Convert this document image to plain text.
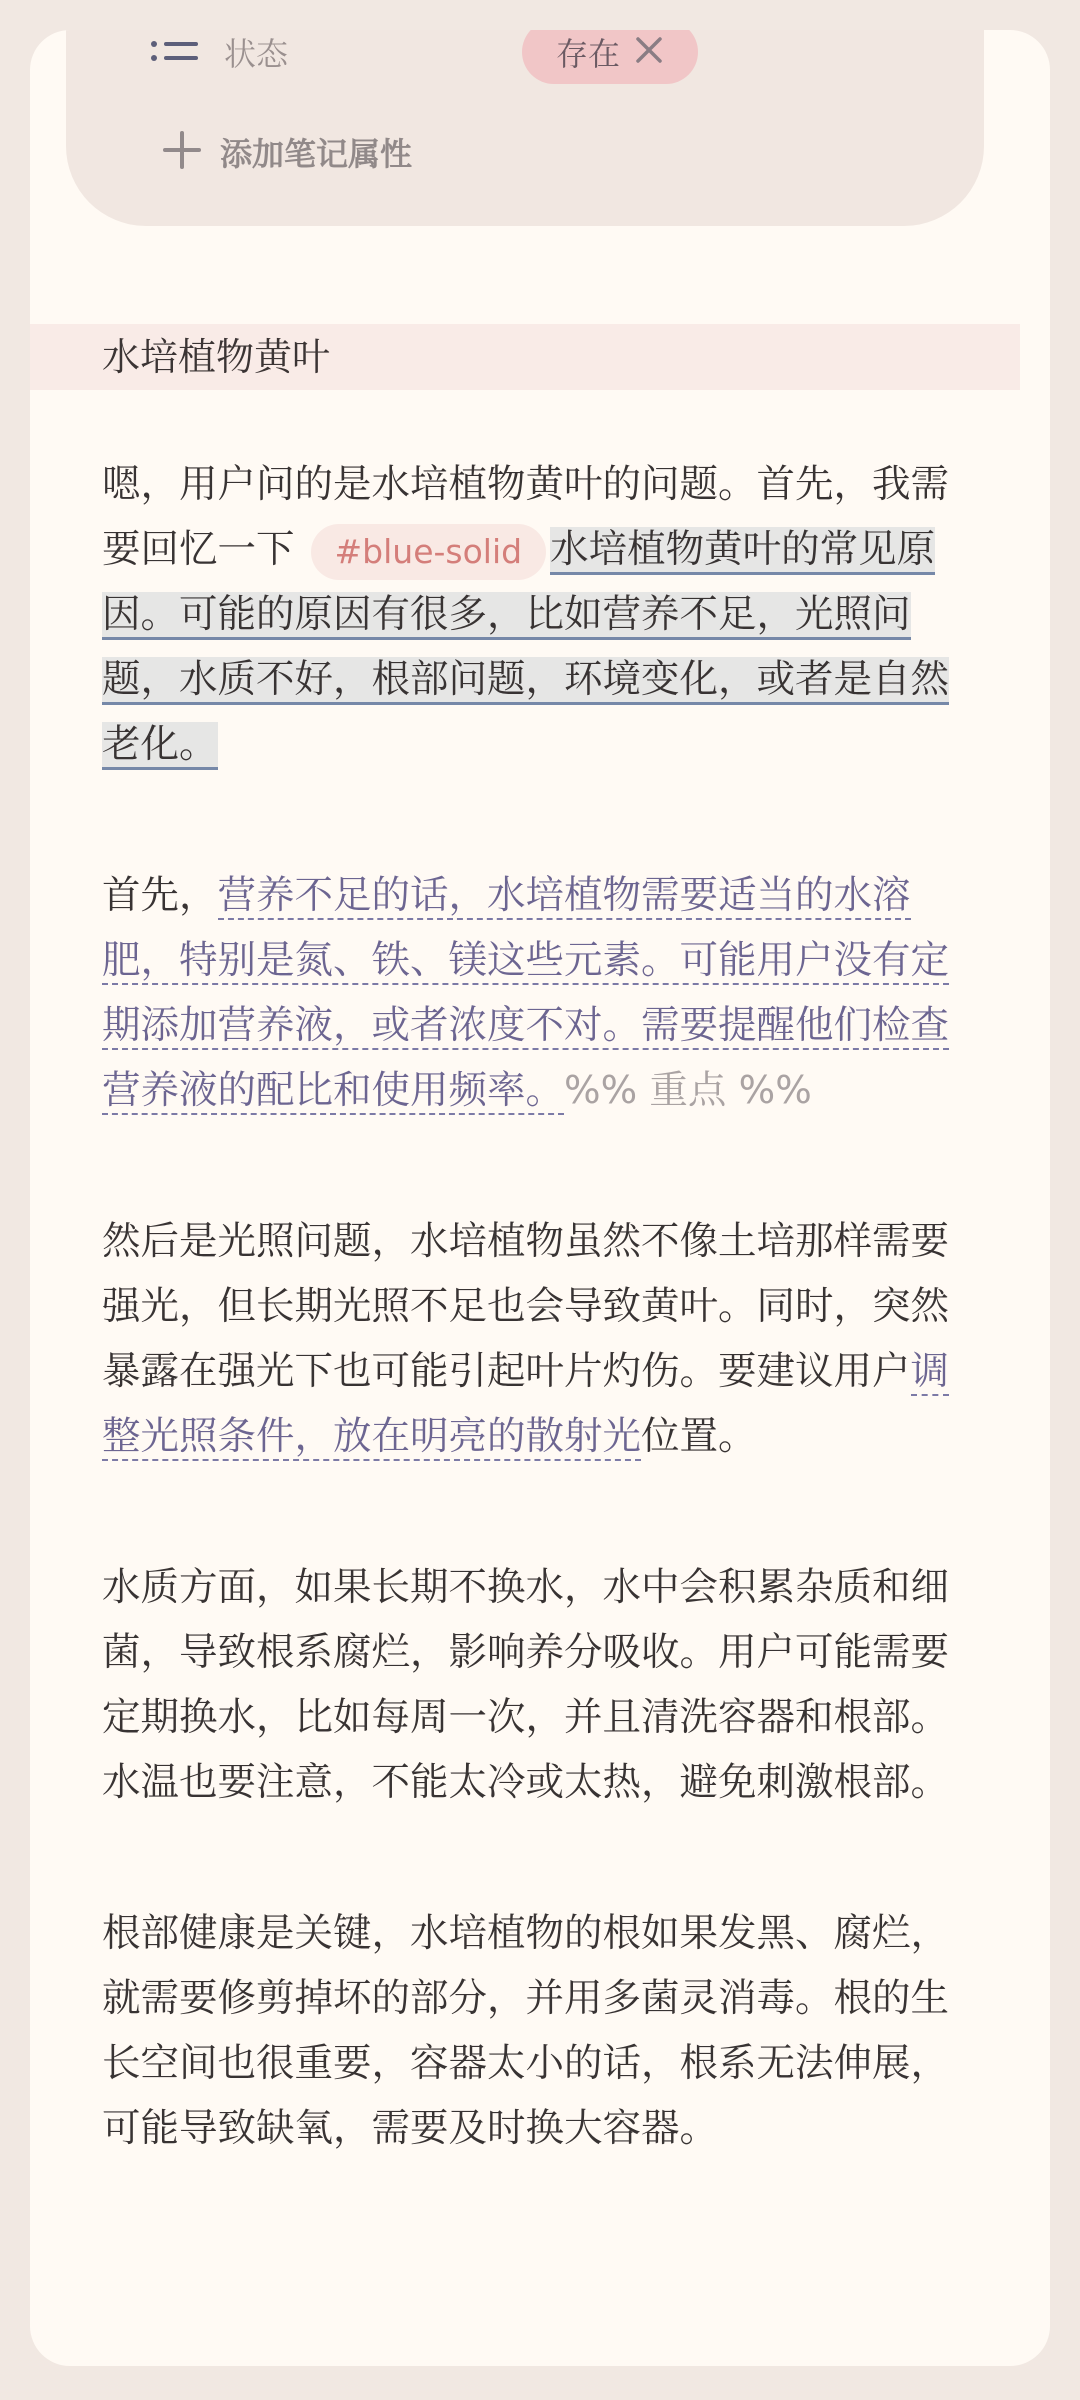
状态	存在
添加笔记属性
水培植物黄叶

嗯，用户问的是水培植物黄叶的问题。首先，我需要回忆一下 #blue-solid 水培植物黄叶的常见原因。可能的原因有很多，比如营养不足，光照问题，水质不好，根部问题，环境变化，或者是自然老化。

首先，营养不足的话，水培植物需要适当的水溶肥，特别是氮、铁、镁这些元素。可能用户没有定期添加营养液，或者浓度不对。需要提醒他们检查营养液的配比和使用频率。%% 重点 %%

然后是光照问题，水培植物虽然不像土培那样需要强光，但长期光照不足也会导致黄叶。同时，突然暴露在强光下也可能引起叶片灼伤。要建议用户调整光照条件，放在明亮的散射光位置。

水质方面，如果长期不换水，水中会积累杂质和细菌，导致根系腐烂，影响养分吸收。用户可能需要定期换水，比如每周一次，并且清洗容器和根部。水温也要注意，不能太冷或太热，避免刺激根部。

根部健康是关键，水培植物的根如果发黑、腐烂，就需要修剪掉坏的部分，并用多菌灵消毒。根的生长空间也很重要，容器太小的话，根系无法伸展，可能导致缺氧，需要及时换大容器。
